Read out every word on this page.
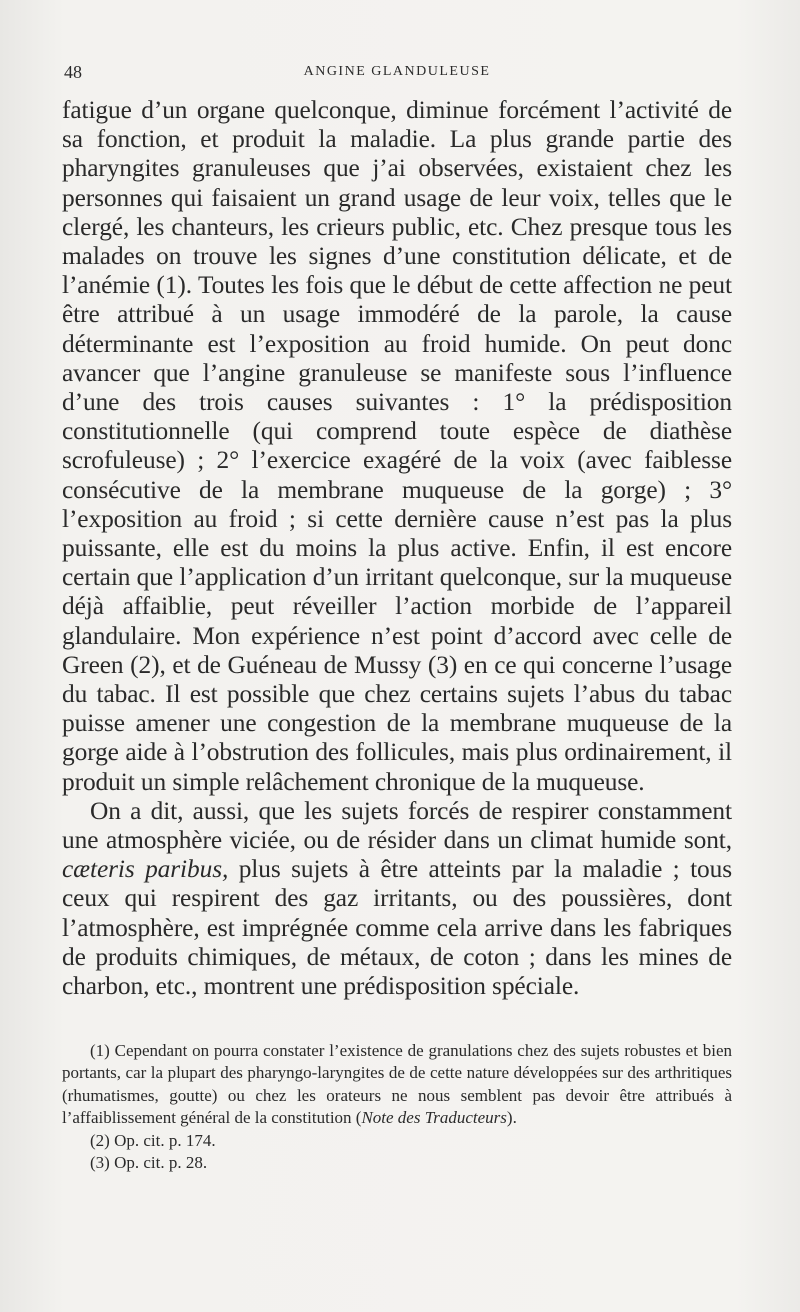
48	ANGINE GLANDULEUSE

fatigue d’un organe quelconque, diminue forcément l’activité de sa fonction, et produit la maladie. La plus grande partie des pharyngites granuleuses que j’ai observées, existaient chez les personnes qui faisaient un grand usage de leur voix, telles que le clergé, les chanteurs, les crieurs public, etc. Chez presque tous les malades on trouve les signes d’une constitution délicate, et de l’anémie (1). Toutes les fois que le début de cette affection ne peut être attribué à un usage immodéré de la parole, la cause déterminante est l’exposition au froid humide. On peut donc avancer que l’angine granuleuse se manifeste sous l’influence d’une des trois causes suivantes : 1° la prédisposition constitutionnelle (qui comprend toute espèce de diathèse scrofuleuse) ; 2° l’exercice exagéré de la voix (avec faiblesse consécutive de la membrane muqueuse de la gorge) ; 3° l’exposition au froid ; si cette dernière cause n’est pas la plus puissante, elle est du moins la plus active. Enfin, il est encore certain que l’application d’un irritant quelconque, sur la muqueuse déjà affaiblie, peut réveiller l’action morbide de l’appareil glandulaire. Mon expérience n’est point d’accord avec celle de Green (2), et de Guéneau de Mussy (3) en ce qui concerne l’usage du tabac. Il est possible que chez certains sujets l’abus du tabac puisse amener une congestion de la membrane muqueuse de la gorge aide à l’obstrution des follicules, mais plus ordinairement, il produit un simple relâchement chronique de la muqueuse.

On a dit, aussi, que les sujets forcés de respirer constamment une atmosphère viciée, ou de résider dans un climat humide sont, cæteris paribus, plus sujets à être atteints par la maladie ; tous ceux qui respirent des gaz irritants, ou des poussières, dont l’atmosphère, est imprégnée comme cela arrive dans les fabriques de produits chimiques, de métaux, de coton ; dans les mines de charbon, etc., montrent une prédisposition spéciale.

(1) Cependant on pourra constater l’existence de granulations chez des sujets robustes et bien portants, car la plupart des pharyngo-laryngites de de cette nature développées sur des arthritiques (rhumatismes, goutte) ou chez les orateurs ne nous semblent pas devoir être attribués à l’affaiblissement général de la constitution (Note des Traducteurs).

(2) Op. cit. p. 174.

(3) Op. cit. p. 28.
